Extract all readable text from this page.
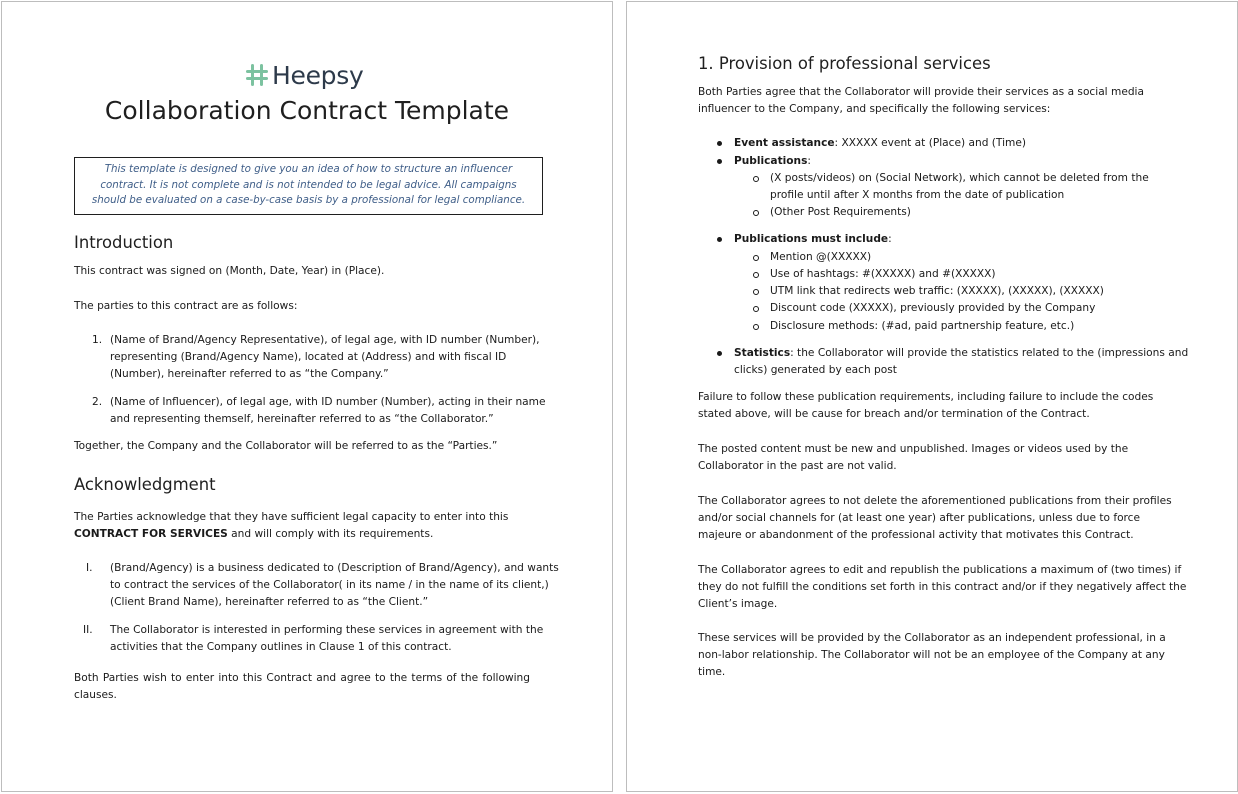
Heepsy
Collaboration Contract Template
This template is designed to give you an idea of how to structure an influencer contract. It is not complete and is not intended to be legal advice. All campaigns should be evaluated on a case-by-case basis by a professional for legal compliance.
Introduction
This contract was signed on (Month, Date, Year) in (Place).
The parties to this contract are as follows:
1. (Name of Brand/Agency Representative), of legal age, with ID number (Number),
representing (Brand/Agency Name), located at (Address) and with fiscal ID
(Number), hereinafter referred to as “the Company.”
2. (Name of Influencer), of legal age, with ID number (Number), acting in their name
and representing themself, hereinafter referred to as “the Collaborator.”
Together, the Company and the Collaborator will be referred to as the “Parties.”
Acknowledgment
The Parties acknowledge that they have sufficient legal capacity to enter into this
CONTRACT FOR SERVICES and will comply with its requirements.
I. (Brand/Agency) is a business dedicated to (Description of Brand/Agency), and wants
to contract the services of the Collaborator( in its name / in the name of its client,)
(Client Brand Name), hereinafter referred to as “the Client.”
II. The Collaborator is interested in performing these services in agreement with the
activities that the Company outlines in Clause 1 of this contract.
Both Parties wish to enter into this Contract and agree to the terms of the following
clauses.
1. Provision of professional services
Both Parties agree that the Collaborator will provide their services as a social media
influencer to the Company, and specifically the following services:
Event assistance: XXXXX event at (Place) and (Time)
Publications:
(X posts/videos) on (Social Network), which cannot be deleted from the
profile until after X months from the date of publication
(Other Post Requirements)
Publications must include:
Mention @(XXXXX)
Use of hashtags: #(XXXXX) and #(XXXXX)
UTM link that redirects web traffic: (XXXXX), (XXXXX), (XXXXX)
Discount code (XXXXX), previously provided by the Company
Disclosure methods: (#ad, paid partnership feature, etc.)
Statistics: the Collaborator will provide the statistics related to the (impressions and
clicks) generated by each post
Failure to follow these publication requirements, including failure to include the codes
stated above, will be cause for breach and/or termination of the Contract.
The posted content must be new and unpublished. Images or videos used by the
Collaborator in the past are not valid.
The Collaborator agrees to not delete the aforementioned publications from their profiles
and/or social channels for (at least one year) after publications, unless due to force
majeure or abandonment of the professional activity that motivates this Contract.
The Collaborator agrees to edit and republish the publications a maximum of (two times) if
they do not fulfill the conditions set forth in this contract and/or if they negatively affect the
Client’s image.
These services will be provided by the Collaborator as an independent professional, in a
non-labor relationship. The Collaborator will not be an employee of the Company at any
time.
